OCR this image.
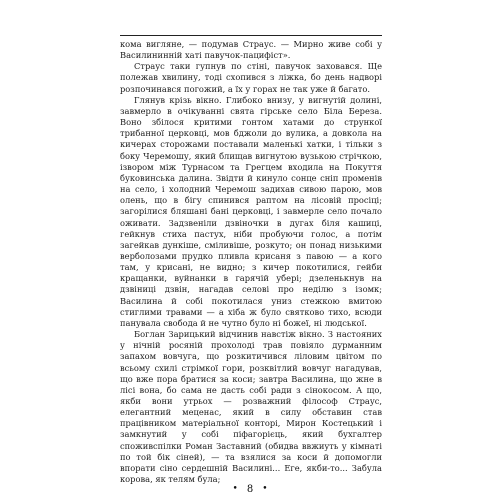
кома вигляне, — подумав Страус. — Мирно живе собі у Василининній хаті павучок-пацифіст».

Страус таки гупнув по стіні, павучок заховався. Ще полежав хвилину, тоді схопився з ліжка, бо день надворі розпочинався погожий, а їх у горах не так уже й багато.

Глянув крізь вікно. Глибоко внизу, у вигнутій долині, завмерло в очікуванні свята гірське село Біла Береза. Воно збілося критими гонтом хатами до стрункої трибанної церковці, мов бджоли до вулика, а довкола на кичерах сторожами поставали маленькі хатки, і тільки з боку Черемошу, який блищав вигнутою вузькою стрічкою, ізвором між Турнасом та Грегцем входила на Покуття буковинська далина. Звідти й кинуло сонце сніп променів на село, і холодний Черемош задихав сивою парою, мов олень, що в бігу спинився раптом на лісовій просіці; загорілися бляшані бані церковці, і завмерле село почало оживати. Задзвеніли дзвіночки в дугах біля кашиці, гейкнув стиха пастух, ніби пробуючи голос, а потім загейкав дункіше, сміливіше, розкуто; он понад низькими верболозами прудко пливла крисаня з павою — а кого там, у крисані, не видно; з кичер покотилися, гейби кращанки, вуйнанки в гарячій уберi; дзеленькнув на дзвіниці дзвін, нагадав селові про неділю з ізомк; Василина й собі покотилася униз стежкою вмитою стиглими травами — а хіба ж було святково тихо, всюди панувала свобода й не чутно було ні божеї, ні людської.

Боглан Зарицький відчинив навстіж вікно. З настояних у нічній росяній прохолоді трав повіяло дурманним запахом вовчуга, що розкитичився ліловим цвітом по всьому схилі стрімкої гори, розквітлий вовчуг нагадував, що вже пора братися за коси; завтра Василина, що жне в лісі вона, бо сама не дасть собі ради з сінокосом. А що, якби вони утрьох — розважний філософ Страус, елегантний меценас, який в силу обставин став працівником матеріальної конторі, Мирон Костецький і замкнутий у собі пiфагорiєць, який бухгалтер споживспілки Роман Заставний (обидва ввжиуть у кімнаті по той бік сіней), — та взялися за коси й допомогли впорати сіно сердешній Василині... Еге, якби-то... Забула корова, як телям була;

• 8 •
